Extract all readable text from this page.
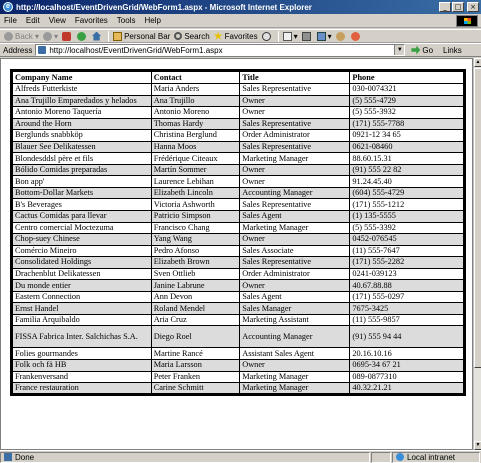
e http://localhost/EventDrivenGrid/WebForm1.aspx - Microsoft Internet Explorer	_	□	×
File Edit View Favorites Tools Help
Back ▾	▾	Personal Bar Search Favorites	▾	▾
Address
http://localhost/EventDrivenGrid/WebForm1.aspx	▼ Go Links
Company Name	Contact	Title	Phone
Alfreds Futterkiste	Maria Anders	Sales Representative	030-0074321
Ana Trujillo Emparedados y helados	Ana Trujillo	Owner	(5) 555-4729
Antonio Moreno Taquería	Antonio Moreno	Owner	(5) 555-3932
Around the Horn	Thomas Hardy	Sales Representative	(171) 555-7788
Berglunds snabbköp	Christina Berglund	Order Administrator	0921-12 34 65
Blauer See Delikatessen	Hanna Moos	Sales Representative	0621-08460
Blondesddsl père et fils	Frédérique Citeaux	Marketing Manager	88.60.15.31
Bólido Comidas preparadas	Martín Sommer	Owner	(91) 555 22 82
Bon app'	Laurence Lebihan	Owner	91.24.45.40
Bottom-Dollar Markets	Elizabeth Lincoln	Accounting Manager	(604) 555-4729
B's Beverages	Victoria Ashworth	Sales Representative	(171) 555-1212
Cactus Comidas para llevar	Patricio Simpson	Sales Agent	(1) 135-5555
Centro comercial Moctezuma	Francisco Chang	Marketing Manager	(5) 555-3392
Chop-suey Chinese	Yang Wang	Owner	0452-076545
Comércio Mineiro	Pedro Afonso	Sales Associate	(11) 555-7647
Consolidated Holdings	Elizabeth Brown	Sales Representative	(171) 555-2282
Drachenblut Delikatessen	Sven Ottlieb	Order Administrator	0241-039123
Du monde entier	Janine Labrune	Owner	40.67.88.88
Eastern Connection	Ann Devon	Sales Agent	(171) 555-0297
Ernst Handel	Roland Mendel	Sales Manager	7675-3425
Familia Arquibaldo	Aria Cruz	Marketing Assistant	(11) 555-9857
FISSA Fabrica Inter. Salchichas S.A.	Diego Roel	Accounting Manager	(91) 555 94 44
Folies gourmandes	Martine Rancé	Assistant Sales Agent	20.16.10.16
Folk och fä HB	Maria Larsson	Owner	0695-34 67 21
Frankenversand	Peter Franken	Marketing Manager	089-0877310
France restauration	Carine Schmitt	Marketing Manager	40.32.21.21
▲
▼
Done	Local intranet
